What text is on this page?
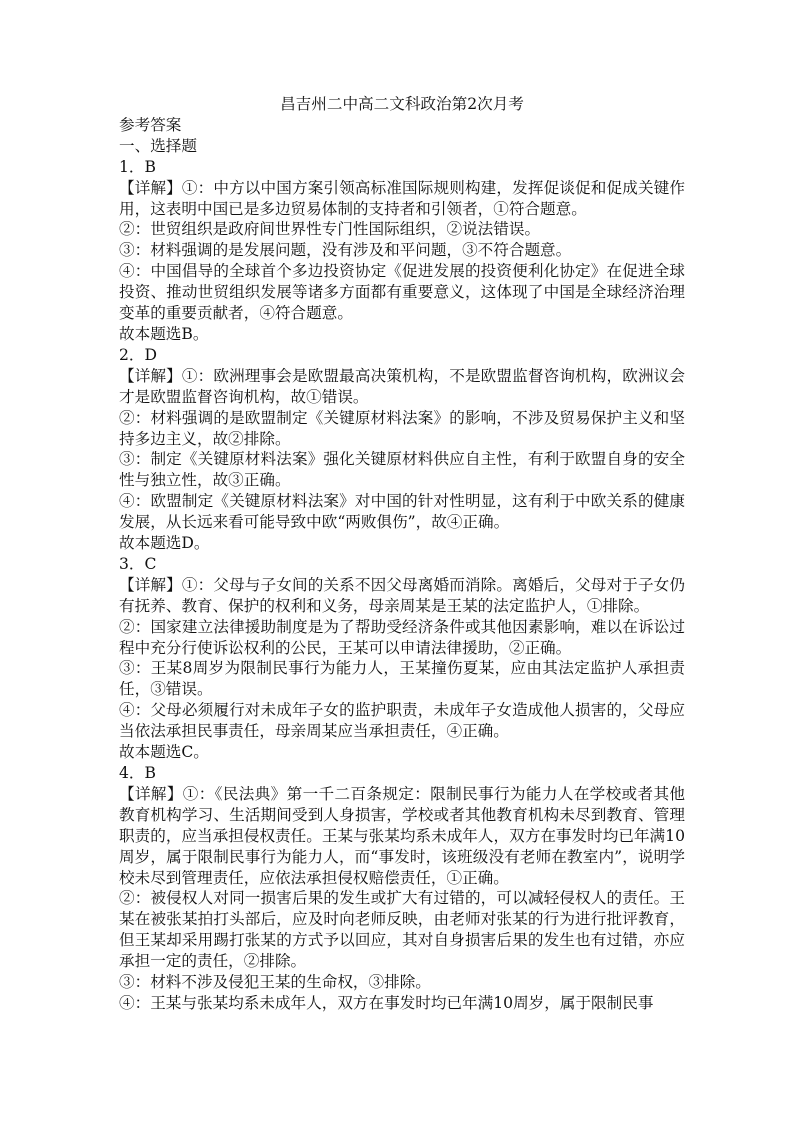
昌吉州二中高二文科政治第2次月考

参考答案

一、选择题

1．B

【详解】①：中方以中国方案引领高标准国际规则构建，发挥促谈促和促成关键作用，这表明中国已是多边贸易体制的支持者和引领者，①符合题意。

②：世贸组织是政府间世界性专门性国际组织，②说法错误。

③：材料强调的是发展问题，没有涉及和平问题，③不符合题意。

④：中国倡导的全球首个多边投资协定《促进发展的投资便利化协定》在促进全球投资、推动世贸组织发展等诸多方面都有重要意义，这体现了中国是全球经济治理变革的重要贡献者，④符合题意。

故本题选B。

2．D

【详解】①：欧洲理事会是欧盟最高决策机构，不是欧盟监督咨询机构，欧洲议会才是欧盟监督咨询机构，故①错误。

②：材料强调的是欧盟制定《关键原材料法案》的影响，不涉及贸易保护主义和坚持多边主义，故②排除。

③：制定《关键原材料法案》强化关键原材料供应自主性，有利于欧盟自身的安全性与独立性，故③正确。

④：欧盟制定《关键原材料法案》对中国的针对性明显，这有利于中欧关系的健康发展，从长远来看可能导致中欧“两败俱伤”，故④正确。

故本题选D。

3．C

【详解】①：父母与子女间的关系不因父母离婚而消除。离婚后，父母对于子女仍有抚养、教育、保护的权利和义务，母亲周某是王某的法定监护人，①排除。

②：国家建立法律援助制度是为了帮助受经济条件或其他因素影响，难以在诉讼过程中充分行使诉讼权利的公民，王某可以申请法律援助，②正确。

③：王某8周岁为限制民事行为能力人，王某撞伤夏某，应由其法定监护人承担责任，③错误。

④：父母必须履行对未成年子女的监护职责，未成年子女造成他人损害的，父母应当依法承担民事责任，母亲周某应当承担责任，④正确。

故本题选C。

4．B

【详解】①：《民法典》第一千二百条规定：限制民事行为能力人在学校或者其他教育机构学习、生活期间受到人身损害，学校或者其他教育机构未尽到教育、管理职责的，应当承担侵权责任。王某与张某均系未成年人，双方在事发时均已年满10周岁，属于限制民事行为能力人，而“事发时，该班级没有老师在教室内”，说明学校未尽到管理责任，应依法承担侵权赔偿责任，①正确。

②：被侵权人对同一损害后果的发生或扩大有过错的，可以减轻侵权人的责任。王某在被张某拍打头部后，应及时向老师反映，由老师对张某的行为进行批评教育，但王某却采用踢打张某的方式予以回应，其对自身损害后果的发生也有过错，亦应承担一定的责任，②排除。

③：材料不涉及侵犯王某的生命权，③排除。

④：王某与张某均系未成年人，双方在事发时均已年满10周岁，属于限制民事
